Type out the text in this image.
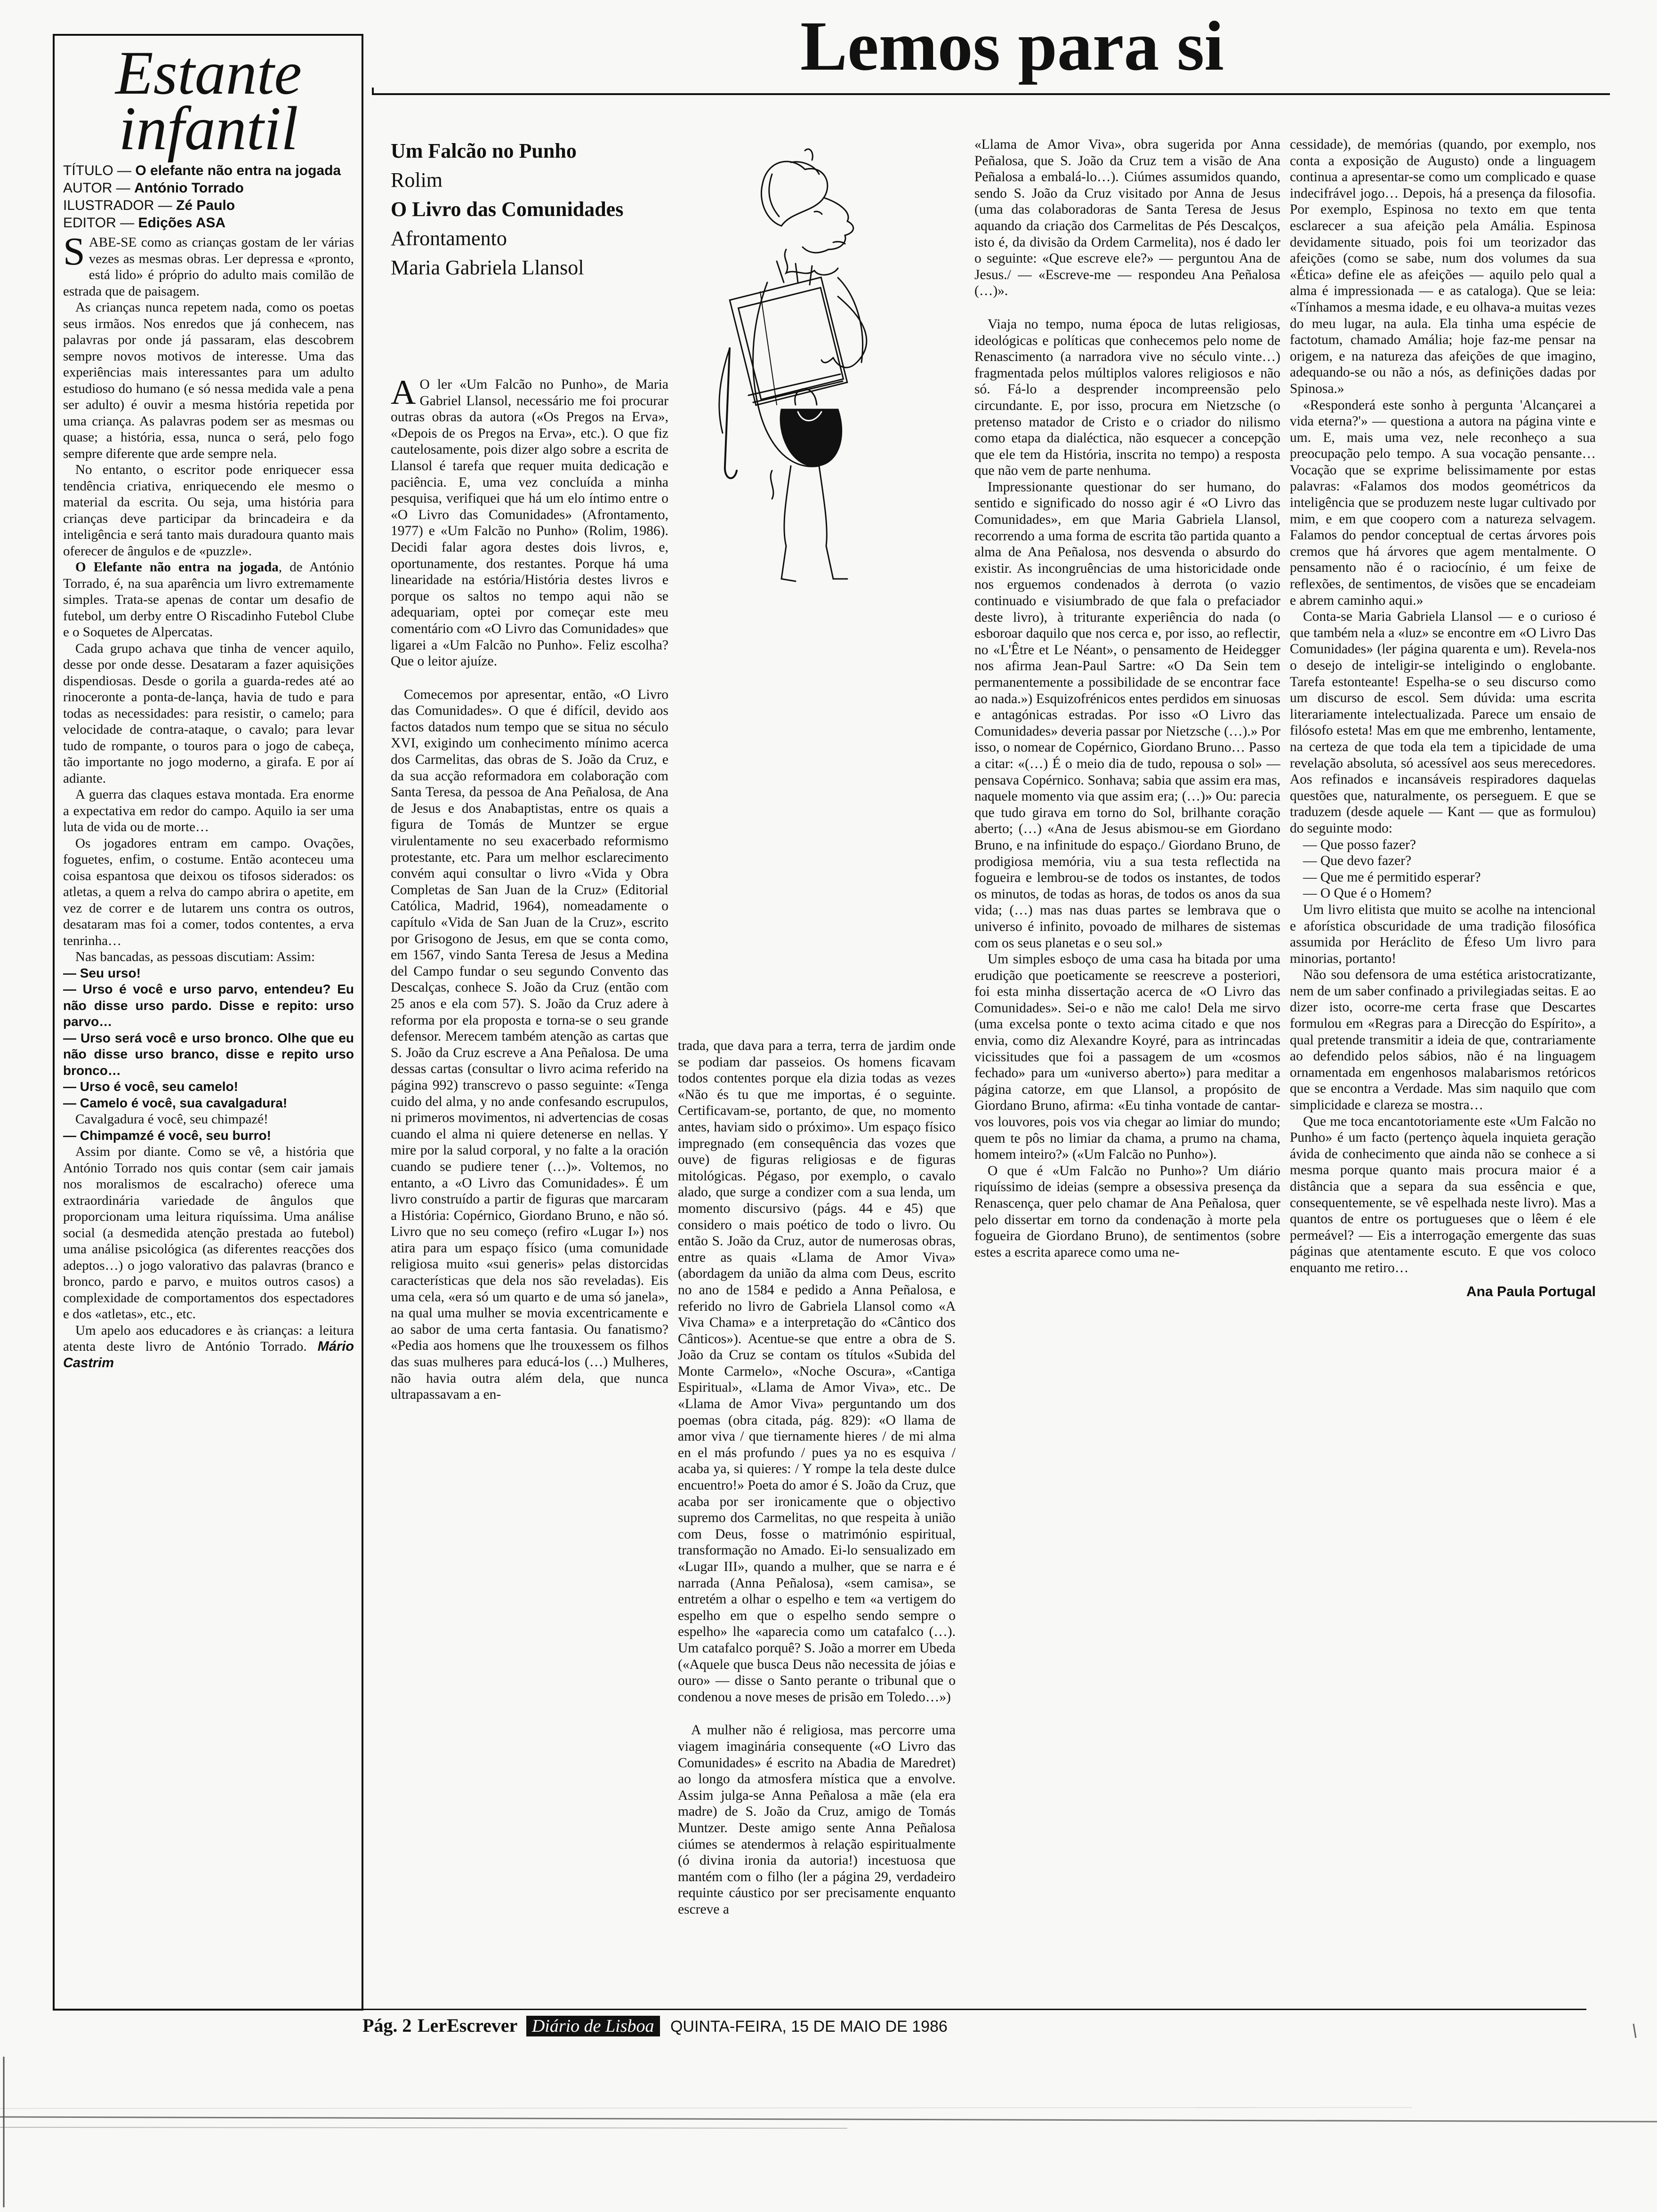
Estante
infantil
TÍTULO — O elefante não entra na jogada
AUTOR — António Torrado
ILUSTRADOR — Zé Paulo
EDITOR — Edições ASA

SABE-SE como as crianças gostam de ler várias vezes as mesmas obras. Ler depressa e «pronto, está lido» é próprio do adulto mais comilão de estrada que de paisagem.

As crianças nunca repetem nada, como os poetas seus irmãos. Nos enredos que já conhecem, nas palavras por onde já passaram, elas descobrem sempre novos motivos de interesse. Uma das experiências mais interessantes para um adulto estudioso do humano (e só nessa medida vale a pena ser adulto) é ouvir a mesma história repetida por uma criança. As palavras podem ser as mesmas ou quase; a história, essa, nunca o será, pelo fogo sempre diferente que arde sempre nela.

No entanto, o escritor pode enriquecer essa tendência criativa, enriquecendo ele mesmo o material da escrita. Ou seja, uma história para crianças deve participar da brincadeira e da inteligência e será tanto mais duradoura quanto mais oferecer de ângulos e de «puzzle».

O Elefante não entra na jogada, de António Torrado, é, na sua aparência um livro extremamente simples. Trata-se apenas de contar um desafio de futebol, um derby entre O Riscadinho Futebol Clube e o Soquetes de Alpercatas.

Cada grupo achava que tinha de vencer aquilo, desse por onde desse. Desataram a fazer aquisições dispendiosas. Desde o gorila a guarda-redes até ao rinoceronte a ponta-de-lança, havia de tudo e para todas as necessidades: para resistir, o camelo; para velocidade de contra-ataque, o cavalo; para levar tudo de rompante, o touros para o jogo de cabeça, tão importante no jogo moderno, a girafa. E por aí adiante.

A guerra das claques estava montada. Era enorme a expectativa em redor do campo. Aquilo ia ser uma luta de vida ou de morte…

Os jogadores entram em campo. Ovações, foguetes, enfim, o costume. Então aconteceu uma coisa espantosa que deixou os tifosos siderados: os atletas, a quem a relva do campo abrira o apetite, em vez de correr e de lutarem uns contra os outros, desataram mas foi a comer, todos contentes, a erva tenrinha…

Nas bancadas, as pessoas discutiam: Assim:

— Seu urso!

— Urso é você e urso parvo, entendeu? Eu não disse urso pardo. Disse e repito: urso parvo…

— Urso será você e urso bronco. Olhe que eu não disse urso branco, disse e repito urso bronco…

— Urso é você, seu camelo!

— Camelo é você, sua cavalgadura!

Cavalgadura é você, seu chimpazé!

— Chimpamzé é você, seu burro!

Assim por diante. Como se vê, a história que António Torrado nos quis contar (sem cair jamais nos moralismos de escalracho) oferece uma extraordinária variedade de ângulos que proporcionam uma leitura riquíssima. Uma análise social (a desmedida atenção prestada ao futebol) uma análise psicológica (as diferentes reacções dos adeptos…) o jogo valorativo das palavras (branco e bronco, pardo e parvo, e muitos outros casos) a complexidade de comportamentos dos espectadores e dos «atletas», etc., etc.

Um apelo aos educadores e às crianças: a leitura atenta deste livro de António Torrado. Mário Castrim

Lemos para si
Um Falcão no Punho
Rolim
O Livro das Comunidades
Afrontamento
Maria Gabriela Llansol

A O ler «Um Falcão no Punho», de Maria Gabriel Llansol, necessário me foi procurar outras obras da autora («Os Pregos na Erva», «Depois de os Pregos na Erva», etc.). O que fiz cautelosamente, pois dizer algo sobre a escrita de Llansol é tarefa que requer muita dedicação e paciência. E, uma vez concluída a minha pesquisa, verifiquei que há um elo íntimo entre o «O Livro das Comunidades» (Afrontamento, 1977) e «Um Falcão no Punho» (Rolim, 1986). Decidi falar agora destes dois livros, e, oportunamente, dos restantes. Porque há uma linearidade na estória/História destes livros e porque os saltos no tempo aqui não se adequariam, optei por começar este meu comentário com «O Livro das Comunidades» que ligarei a «Um Falcão no Punho». Feliz escolha? Que o leitor ajuíze.

Comecemos por apresentar, então, «O Livro das Comunidades». O que é difícil, devido aos factos datados num tempo que se situa no século XVI, exigindo um conhecimento mínimo acerca dos Carmelitas, das obras de S. João da Cruz, e da sua acção reformadora em colaboração com Santa Teresa, da pessoa de Ana Peñalosa, de Ana de Jesus e dos Anabaptistas, entre os quais a figura de Tomás de Muntzer se ergue virulentamente no seu exacerbado reformismo protestante, etc. Para um melhor esclarecimento convém aqui consultar o livro «Vida y Obra Completas de San Juan de la Cruz» (Editorial Católica, Madrid, 1964), nomeadamente o capítulo «Vida de San Juan de la Cruz», escrito por Grisogono de Jesus, em que se conta como, em 1567, vindo Santa Teresa de Jesus a Medina del Campo fundar o seu segundo Convento das Descalças, conhece S. João da Cruz (então com 25 anos e ela com 57). S. João da Cruz adere à reforma por ela proposta e torna-se o seu grande defensor. Merecem também atenção as cartas que S. João da Cruz escreve a Ana Peñalosa. De uma dessas cartas (consultar o livro acima referido na página 992) transcrevo o passo seguinte: «Tenga cuido del alma, y no ande confesando escrupulos, ni primeros movimentos, ni advertencias de cosas cuando el alma ni quiere detenerse en nellas. Y mire por la salud corporal, y no falte a la oración cuando se pudiere tener (…)». Voltemos, no entanto, a «O Livro das Comunidades». É um livro construído a partir de figuras que marcaram a História: Copérnico, Giordano Bruno, e não só. Livro que no seu começo (refiro «Lugar I») nos atira para um espaço físico (uma comunidade religiosa muito «sui generis» pelas distorcidas características que dela nos são reveladas). Eis uma cela, «era só um quarto e de uma só janela», na qual uma mulher se movia excentricamente e ao sabor de uma certa fantasia. Ou fanatismo? «Pedia aos homens que lhe trouxessem os filhos das suas mulheres para educá-los (…) Mulheres, não havia outra além dela, que nunca ultrapassavam a en-

trada, que dava para a terra, terra de jardim onde se podiam dar passeios. Os homens ficavam todos contentes porque ela dizia todas as vezes «Não és tu que me importas, é o seguinte. Certificavam-se, portanto, de que, no momento antes, haviam sido o próximo». Um espaço físico impregnado (em consequência das vozes que ouve) de figuras religiosas e de figuras mitológicas. Pégaso, por exemplo, o cavalo alado, que surge a condizer com a sua lenda, um momento discursivo (págs. 44 e 45) que considero o mais poético de todo o livro. Ou então S. João da Cruz, autor de numerosas obras, entre as quais «Llama de Amor Viva» (abordagem da união da alma com Deus, escrito no ano de 1584 e pedido a Anna Peñalosa, e referido no livro de Gabriela Llansol como «A Viva Chama» e a interpretação do «Cântico dos Cânticos»). Acentue-se que entre a obra de S. João da Cruz se contam os títulos «Subida del Monte Carmelo», «Noche Oscura», «Cantiga Espiritual», «Llama de Amor Viva», etc.. De «Llama de Amor Viva» perguntando um dos poemas (obra citada, pág. 829): «O llama de amor viva / que tiernamente hieres / de mi alma en el más profundo / pues ya no es esquiva / acaba ya, si quieres: / Y rompe la tela deste dulce encuentro!» Poeta do amor é S. João da Cruz, que acaba por ser ironicamente que o objectivo supremo dos Carmelitas, no que respeita à união com Deus, fosse o matrimónio espiritual, transformação no Amado. Ei-lo sensualizado em «Lugar III», quando a mulher, que se narra e é narrada (Anna Peñalosa), «sem camisa», se entretém a olhar o espelho e tem «a vertigem do espelho em que o espelho sendo sempre o espelho» lhe «aparecia como um catafalco (…). Um catafalco porquê? S. João a morrer em Ubeda («Aquele que busca Deus não necessita de jóias e ouro» — disse o Santo perante o tribunal que o condenou a nove meses de prisão em Toledo…»)

A mulher não é religiosa, mas percorre uma viagem imaginária consequente («O Livro das Comunidades» é escrito na Abadia de Maredret) ao longo da atmosfera mística que a envolve. Assim julga-se Anna Peñalosa a mãe (ela era madre) de S. João da Cruz, amigo de Tomás Muntzer. Deste amigo sente Anna Peñalosa ciúmes se atendermos à relação espiritualmente (ó divina ironia da autoria!) incestuosa que mantém com o filho (ler a página 29, verdadeiro requinte cáustico por ser precisamente enquanto escreve a

«Llama de Amor Viva», obra sugerida por Anna Peñalosa, que S. João da Cruz tem a visão de Ana Peñalosa a embalá-lo…). Ciúmes assumidos quando, sendo S. João da Cruz visitado por Anna de Jesus (uma das colaboradoras de Santa Teresa de Jesus aquando da criação dos Carmelitas de Pés Descalços, isto é, da divisão da Ordem Carmelita), nos é dado ler o seguinte: «Que escreve ele?» — perguntou Ana de Jesus./ — «Escreve-me — respondeu Ana Peñalosa (…)».

Viaja no tempo, numa época de lutas religiosas, ideológicas e políticas que conhecemos pelo nome de Renascimento (a narradora vive no século vinte…) fragmentada pelos múltiplos valores religiosos e não só. Fá-lo a desprender incompreensão pelo circundante. E, por isso, procura em Nietzsche (o pretenso matador de Cristo e o criador do nilismo como etapa da dialéctica, não esquecer a concepção que ele tem da História, inscrita no tempo) a resposta que não vem de parte nenhuma.

Impressionante questionar do ser humano, do sentido e significado do nosso agir é «O Livro das Comunidades», em que Maria Gabriela Llansol, recorrendo a uma forma de escrita tão partida quanto a alma de Ana Peñalosa, nos desvenda o absurdo do existir. As incongruências de uma historicidade onde nos erguemos condenados à derrota (o vazio continuado e visiumbrado de que fala o prefaciador deste livro), à triturante experiência do nada (o esboroar daquilo que nos cerca e, por isso, ao reflectir, no «L'Être et Le Néant», o pensamento de Heidegger nos afirma Jean-Paul Sartre: «O Da Sein tem permanentemente a possibilidade de se encontrar face ao nada.») Esquizofrénicos entes perdidos em sinuosas e antagónicas estradas. Por isso «O Livro das Comunidades» deveria passar por Nietzsche (…).» Por isso, o nomear de Copérnico, Giordano Bruno… Passo a citar: «(…) É o meio dia de tudo, repousa o sol» — pensava Copérnico. Sonhava; sabia que assim era mas, naquele momento via que assim era; (…)» Ou: parecia que tudo girava em torno do Sol, brilhante coração aberto; (…) «Ana de Jesus abismou-se em Giordano Bruno, e na infinitude do espaço./ Giordano Bruno, de prodigiosa memória, viu a sua testa reflectida na fogueira e lembrou-se de todos os instantes, de todos os minutos, de todas as horas, de todos os anos da sua vida; (…) mas nas duas partes se lembrava que o universo é infinito, povoado de milhares de sistemas com os seus planetas e o seu sol.»

Um simples esboço de uma casa ha bitada por uma erudição que poeticamente se reescreve a posteriori, foi esta minha dissertação acerca de «O Livro das Comunidades». Sei-o e não me calo! Dela me sirvo (uma excelsa ponte o texto acima citado e que nos envia, como diz Alexandre Koyré, para as intrincadas vicissitudes que foi a passagem de um «cosmos fechado» para um «universo aberto») para meditar a página catorze, em que Llansol, a propósito de Giordano Bruno, afirma: «Eu tinha vontade de cantar-vos louvores, pois vos via chegar ao limiar do mundo; quem te pôs no limiar da chama, a prumo na chama, homem inteiro?» («Um Falcão no Punho»).

O que é «Um Falcão no Punho»? Um diário riquíssimo de ideias (sempre a obsessiva presença da Renascença, quer pelo chamar de Ana Peñalosa, quer pelo dissertar em torno da condenação à morte pela fogueira de Giordano Bruno), de sentimentos (sobre estes a escrita aparece como uma ne-

cessidade), de memórias (quando, por exemplo, nos conta a exposição de Augusto) onde a linguagem continua a apresentar-se como um complicado e quase indecifrável jogo… Depois, há a presença da filosofia. Por exemplo, Espinosa no texto em que tenta esclarecer a sua afeição pela Amália. Espinosa devidamente situado, pois foi um teorizador das afeições (como se sabe, num dos volumes da sua «Ética» define ele as afeições — aquilo pelo qual a alma é impressionada — e as cataloga). Que se leia: «Tínhamos a mesma idade, e eu olhava-a muitas vezes do meu lugar, na aula. Ela tinha uma espécie de factotum, chamado Amália; hoje faz-me pensar na origem, e na natureza das afeições de que imagino, adequando-se ou não a nós, as definições dadas por Spinosa.»

«Responderá este sonho à pergunta 'Alcançarei a vida eterna?'» — questiona a autora na página vinte e um. E, mais uma vez, nele reconheço a sua preocupação pelo tempo. A sua vocação pensante… Vocação que se exprime belissimamente por estas palavras: «Falamos dos modos geométricos da inteligência que se produzem neste lugar cultivado por mim, e em que coopero com a natureza selvagem. Falamos do pendor conceptual de certas árvores pois cremos que há árvores que agem mentalmente. O pensamento não é o raciocínio, é um feixe de reflexões, de sentimentos, de visões que se encadeiam e abrem caminho aqui.»

Conta-se Maria Gabriela Llansol — e o curioso é que também nela a «luz» se encontre em «O Livro Das Comunidades» (ler página quarenta e um). Revela-nos o desejo de inteligir-se inteligindo o englobante. Tarefa estonteante! Espelha-se o seu discurso como um discurso de escol. Sem dúvida: uma escrita literariamente intelectualizada. Parece um ensaio de filósofo esteta! Mas em que me embrenho, lentamente, na certeza de que toda ela tem a tipicidade de uma revelação absoluta, só acessível aos seus merecedores. Aos refinados e incansáveis respiradores daquelas questões que, naturalmente, os perseguem. E que se traduzem (desde aquele — Kant — que as formulou) do seguinte modo:

— Que posso fazer?

— Que devo fazer?

— Que me é permitido esperar?

— O Que é o Homem?

Um livro elitista que muito se acolhe na intencional e aforística obscuridade de uma tradição filosófica assumida por Heráclito de Éfeso Um livro para minorias, portanto!

Não sou defensora de uma estética aristocratizante, nem de um saber confinado a privilegiadas seitas. E ao dizer isto, ocorre-me certa frase que Descartes formulou em «Regras para a Direcção do Espírito», a qual pretende transmitir a ideia de que, contrariamente ao defendido pelos sábios, não é na linguagem ornamentada em engenhosos malabarismos retóricos que se encontra a Verdade. Mas sim naquilo que com simplicidade e clareza se mostra…

Que me toca encantotoriamente este «Um Falcão no Punho» é um facto (pertenço àquela inquieta geração ávida de conhecimento que ainda não se conhece a si mesma porque quanto mais procura maior é a distância que a separa da sua essência e que, consequentemente, se vê espelhada neste livro). Mas a quantos de entre os portugueses que o lêem é ele permeável? — Eis a interrogação emergente das suas páginas que atentamente escuto. E que vos coloco enquanto me retiro…

Ana Paula Portugal
Pág. 2 LerEscrever Diário de Lisboa QUINTA-FEIRA, 15 DE MAIO DE 1986
